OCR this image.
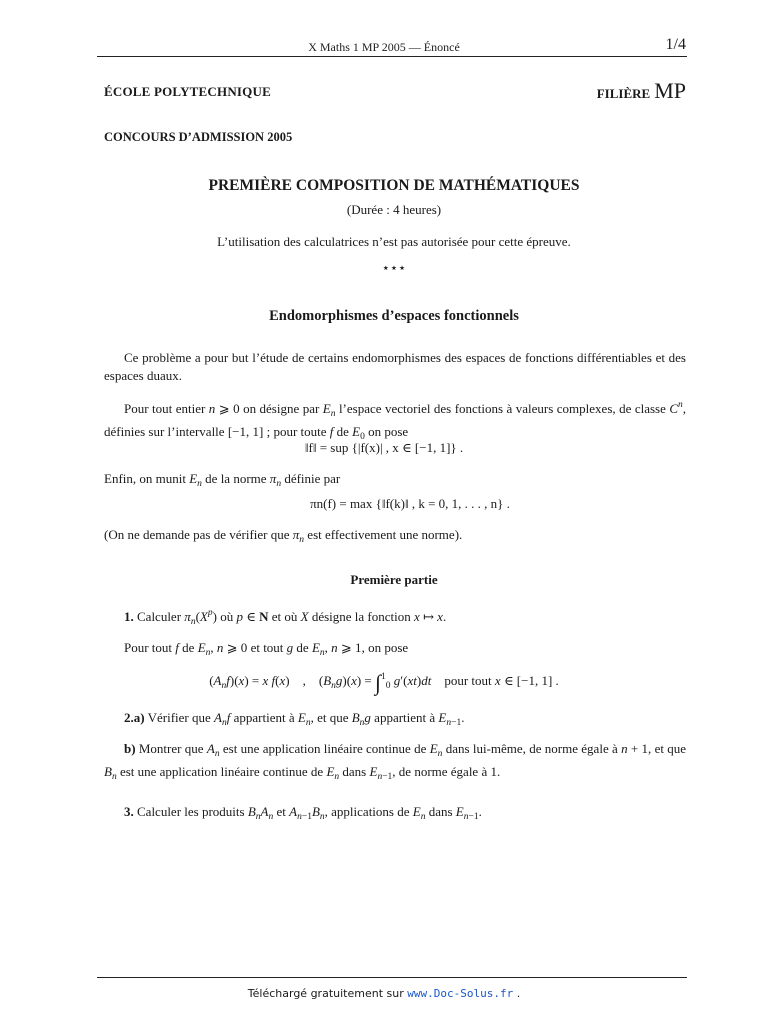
X Maths 1 MP 2005 — Énoncé	1/4
ÉCOLE POLYTECHNIQUE	FILIÈRE MP
CONCOURS D’ADMISSION 2005
PREMIÈRE COMPOSITION DE MATHÉMATIQUES
(Durée : 4 heures)
L’utilisation des calculatrices n’est pas autorisée pour cette épreuve.
⋆⋆⋆
Endomorphismes d’espaces fonctionnels
Ce problème a pour but l’étude de certains endomorphismes des espaces de fonctions différentiables et des espaces duaux.
Pour tout entier n ⩾ 0 on désigne par $E_n$ l’espace vectoriel des fonctions à valeurs complexes, de classe $C^n$, définies sur l’intervalle [−1, 1] ; pour toute f de $E_0$ on pose
‖f‖ = sup {|f(x)| , x ∈ [−1, 1]} .
Enfin, on munit $E_n$ de la norme $\pi_n$ définie par
πn(f) = max {‖f(k)‖ , k = 0, 1, . . . , n} .
(On ne demande pas de vérifier que $\pi_n$ est effectivement une norme).
Première partie
1. Calculer $\pi_n(X^p)$ où p ∈ N et où X désigne la fonction x ↦ x.
Pour tout f de $E_n$, n ⩾ 0 et tout g de $E_n$, n ⩾ 1, on pose
$(A_nf)(x) = x$ f(x)    ,    $(B_ng)(x) = \int^1_0$ g′(xt)dt pour tout x ∈ [−1, 1] .
2.a) Vérifier que $A_nf$ appartient à $E_n$, et que $B_ng$ appartient à $E_{n-1}$.
b) Montrer que $A_n$ est une application linéaire continue de $E_n$ dans lui-même, de norme égale à n + 1, et que $B_n$ est une application linéaire continue de $E_n$ dans $E_{n-1}$, de norme égale à 1.
3. Calculer les produits $B_nA_n$ et $A_{n-1}B_n$, applications de $E_n$ dans $E_{n-1}$.
Téléchargé gratuitement sur www.Doc-Solus.fr .
